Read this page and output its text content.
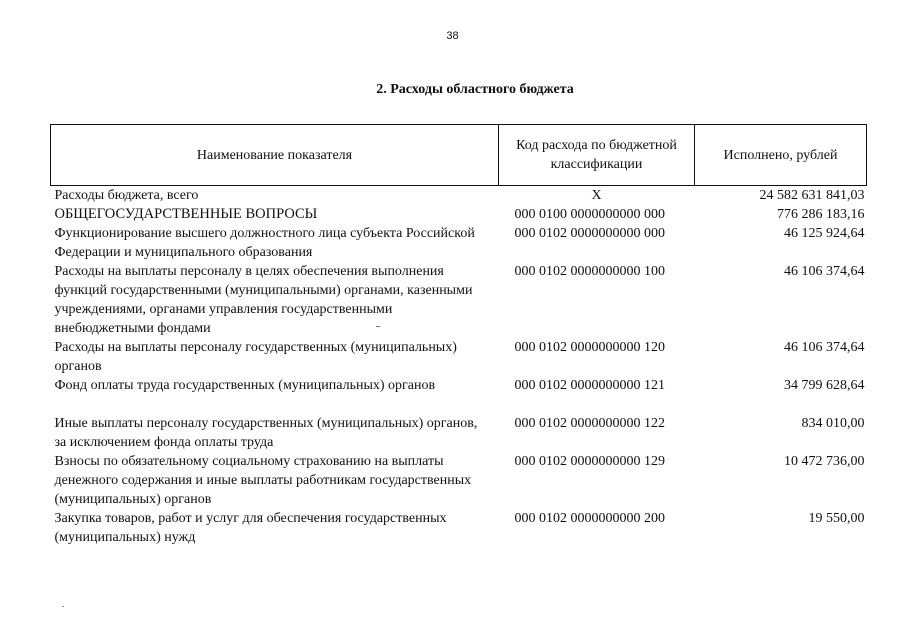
38
2. Расходы областного бюджета
Наименование показателя	Код расхода по бюджетной классификации	Исполнено, рублей
Расходы бюджета, всего	X	24 582 631 841,03
ОБЩЕГОСУДАРСТВЕННЫЕ ВОПРОСЫ	000 0100 0000000000 000	776 286 183,16
Функционирование высшего должностного лица субъекта Российской Федерации и муниципального образования	000 0102 0000000000 000	46 125 924,64
Расходы на выплаты персоналу в целях обеспечения выполнения функций государственными (муниципальными) органами, казенными учреждениями, органами управления государственными внебюджетными фондами	000 0102 0000000000 100	46 106 374,64
Расходы на выплаты персоналу государственных (муниципальных) органов	000 0102 0000000000 120	46 106 374,64
Фонд оплаты труда государственных (муниципальных) органов	000 0102 0000000000 121	34 799 628,64
Иные выплаты персоналу государственных (муниципальных) органов, за исключением фонда оплаты труда	000 0102 0000000000 122	834 010,00
Взносы по обязательному социальному страхованию на выплаты денежного содержания и иные выплаты работникам государственных (муниципальных) органов	000 0102 0000000000 129	10 472 736,00
Закупка товаров, работ и услуг для обеспечения государственных (муниципальных) нужд	000 0102 0000000000 200	19 550,00
